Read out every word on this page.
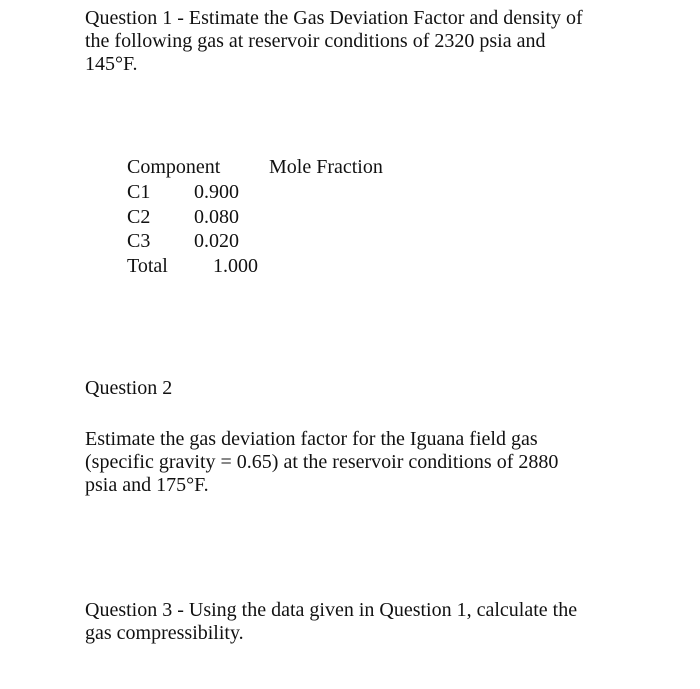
Question 1 - Estimate the Gas Deviation Factor and density of
the following gas at reservoir conditions of 2320 psia and
145°F.
Component Mole Fraction
C1 0.900
C2 0.080
C3 0.020
Total 1.000
Question 2
Estimate the gas deviation factor for the Iguana field gas
(specific gravity = 0.65) at the reservoir conditions of 2880
psia and 175°F.
Question 3 - Using the data given in Question 1, calculate the
gas compressibility.
